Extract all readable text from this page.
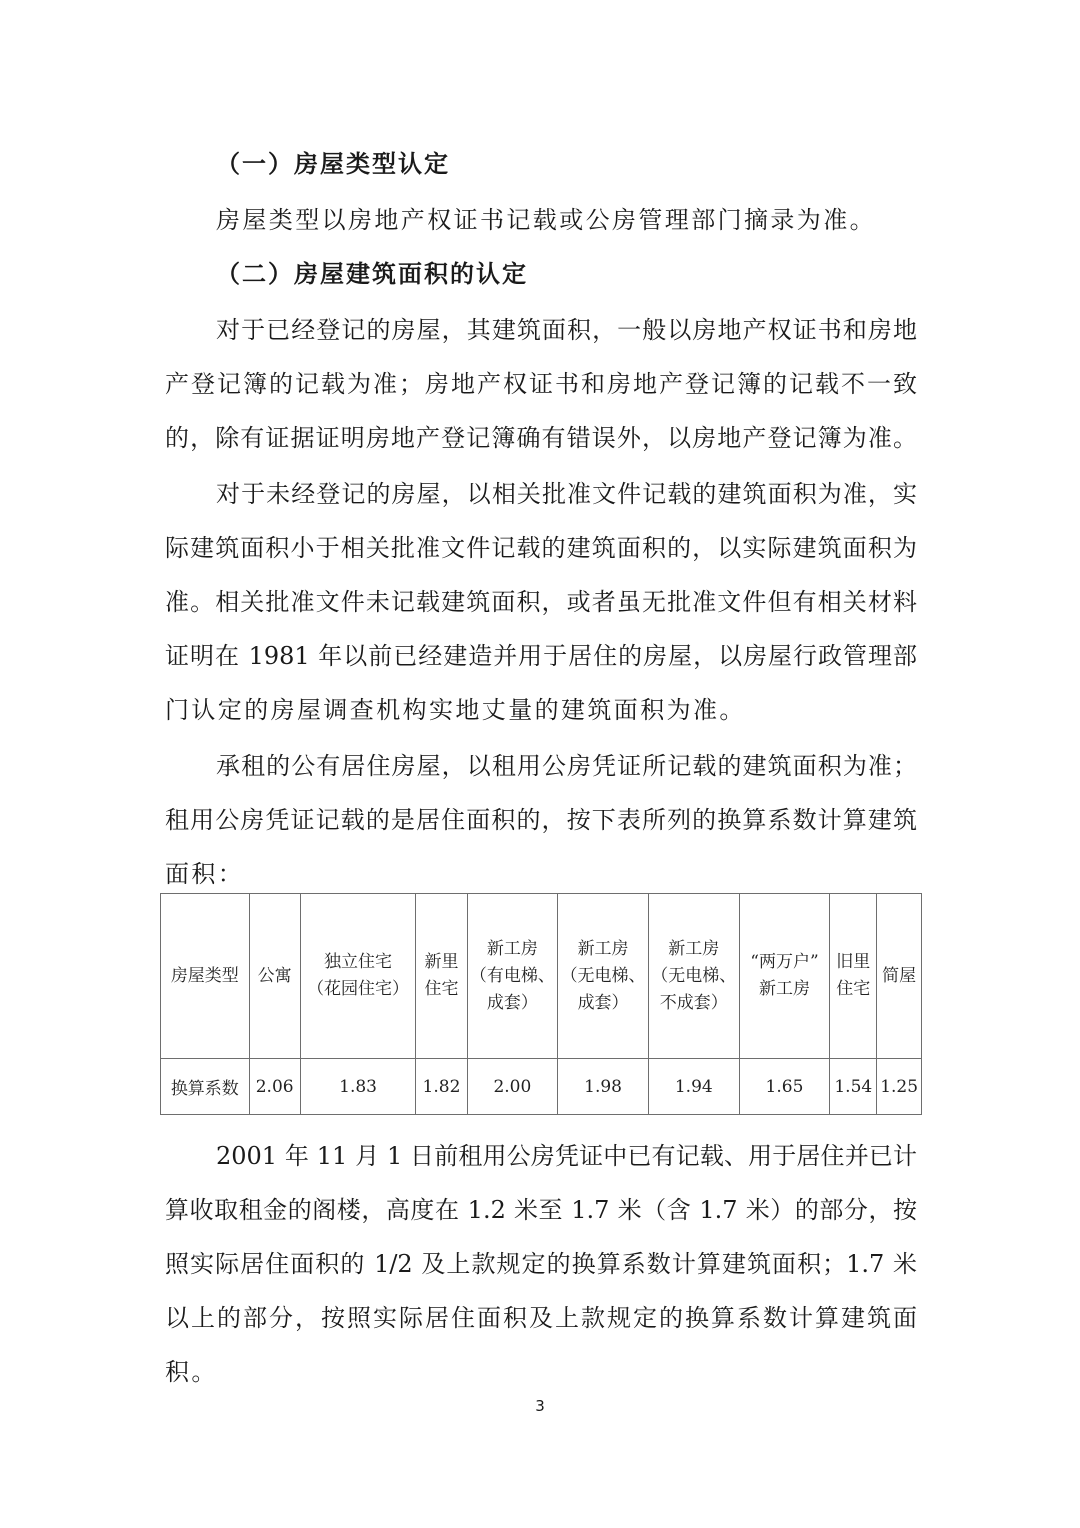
（一）房屋类型认定
房屋类型以房地产权证书记载或公房管理部门摘录为准。
（二）房屋建筑面积的认定
对于已经登记的房屋，其建筑面积，一般以房地产权证书和房地
产登记簿的记载为准；房地产权证书和房地产登记簿的记载不一致
的，除有证据证明房地产登记簿确有错误外，以房地产登记簿为准。
对于未经登记的房屋，以相关批准文件记载的建筑面积为准，实
际建筑面积小于相关批准文件记载的建筑面积的，以实际建筑面积为
准。相关批准文件未记载建筑面积，或者虽无批准文件但有相关材料
证明在 1981 年以前已经建造并用于居住的房屋，以房屋行政管理部
门认定的房屋调查机构实地丈量的建筑面积为准。
承租的公有居住房屋，以租用公房凭证所记载的建筑面积为准；
租用公房凭证记载的是居住面积的，按下表所列的换算系数计算建筑
面积：
房屋类型	公寓	独立住宅
（花园住宅）	新里
住宅	新工房
（有电梯、
成套）	新工房
（无电梯、
成套）	新工房
（无电梯、
不成套）	“两万户”
新工房	旧里
住宅	简屋

换算系数	2.06	1.83	1.82	2.00	1.98	1.94	1.65	1.54	1.25
2001 年 11 月 1 日前租用公房凭证中已有记载、用于居住并已计
算收取租金的阁楼，高度在 1.2 米至 1.7 米（含 1.7 米）的部分，按
照实际居住面积的 1/2 及上款规定的换算系数计算建筑面积；1.7 米
以上的部分，按照实际居住面积及上款规定的换算系数计算建筑面
积。
3
